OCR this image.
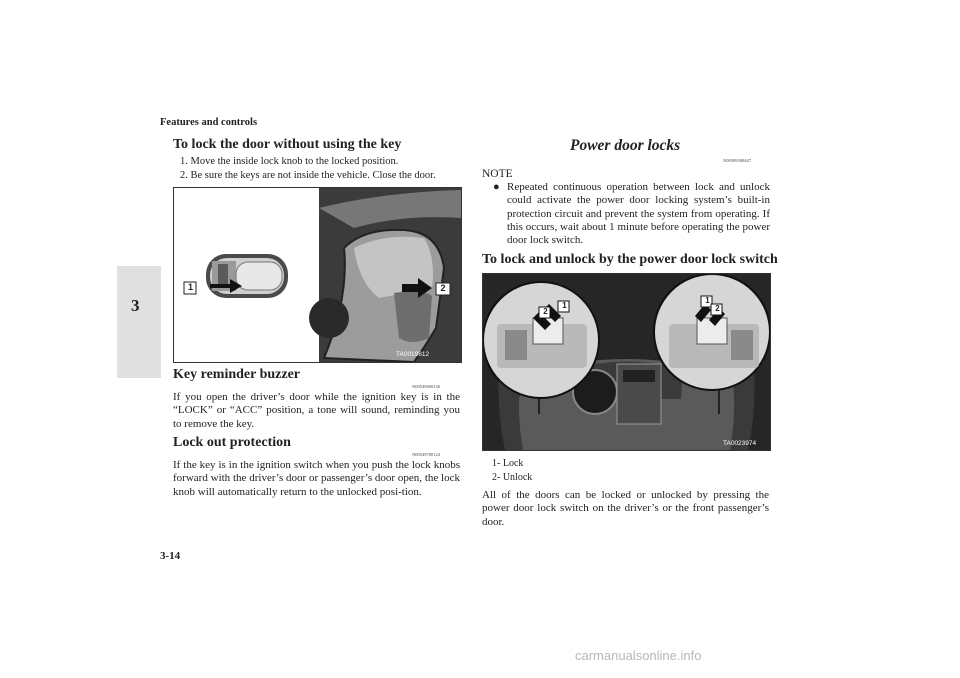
Features and controls
3
To lock the door without using the key
1. Move the inside lock knob to the locked position.
2. Be sure the keys are not inside the vehicle. Close the door.
1	2
TA0019812
Key reminder buzzer
N00549600136
If you open the driver’s door while the ignition key is in the “LOCK” or “ACC” position, a tone will sound, reminding you to remove the key.
Lock out protection
N00549700124
If the key is in the ignition switch when you push the lock knobs forward with the driver’s door or passenger’s door open, the lock knob will automatically return to the unlocked posi-tion.
Power door locks
N00509300447
NOTE
● Repeated continuous operation between lock and unlock could activate the power door locking system’s built-in protection circuit and prevent the system from operating. If this occurs, wait about 1 minute before operating the power door lock switch.
To lock and unlock by the power door lock switch
1
2
1
2
TA0023974
1- Lock
2- Unlock
All of the doors can be locked or unlocked by pressing the power door lock switch on the driver’s or the front passenger’s door.
3-14
carmanualsonline.info
